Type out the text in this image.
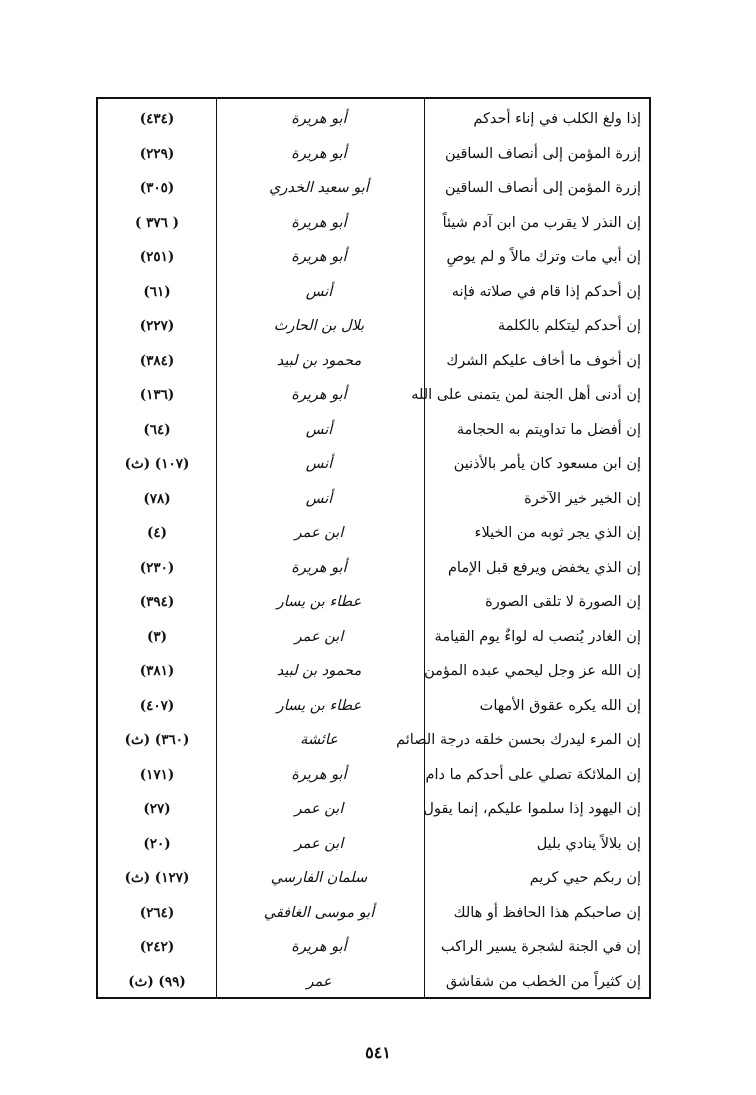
إذا ولغ الكلب في إناء أحدكم
أبو هريرة
(٤٣٤)
إزرة المؤمن إلى أنصاف الساقين
أبو هريرة
(٢٢٩)
إزرة المؤمن إلى أنصاف الساقين
أبو سعيد الخدري
(٣٠٥)
إن النذر لا يقرب من ابن آدم شيئاً
أبو هريرة
( ٣٧٦ )
إن أبي مات وترك مالاً و لم يوصِ
أبو هريرة
(٢٥١)
إن أحدكم إذا قام في صلاته فإنه
أنس
(٦١)
إن أحدكم ليتكلم بالكلمة
بلال بن الحارث
(٢٢٧)
إن أخوف ما أخاف عليكم الشرك
محمود بن لبيد
(٣٨٤)
إن أدنى أهل الجنة لمن يتمنى على الله
أبو هريرة
(١٣٦)
إن أفضل ما تداويتم به الحجامة
أنس
(٦٤)
إن ابن مسعود كان يأمر بالأذنين
أنس
(١٠٧) (ث)
إن الخير خير الآخرة
أنس
(٧٨)
إن الذي يجر ثوبه من الخيلاء
ابن عمر
(٤)
إن الذي يخفض ويرفع قبل الإمام
أبو هريرة
(٢٣٠)
إن الصورة لا تلقى الصورة
عطاء بن يسار
(٣٩٤)
إن الغادر يُنصب له لواءٌ يوم القيامة
ابن عمر
(٣)
إن الله عز وجل ليحمي عبده المؤمن
محمود بن لبيد
(٣٨١)
إن الله يكره عقوق الأمهات
عطاء بن يسار
(٤٠٧)
إن المرء ليدرك بحسن خلقه درجة الصائم
عائشة
(٣٦٠) (ث)
إن الملائكة تصلي على أحدكم ما دام
أبو هريرة
(١٧١)
إن اليهود إذا سلموا عليكم، إنما يقول
ابن عمر
(٢٧)
إن بلالاً ينادي بليل
ابن عمر
(٢٠)
إن ربكم حيي كريم
سلمان الفارسي
(١٢٧) (ث)
إن صاحبكم هذا الحافظ أو هالك
أبو موسى الغافقي
(٢٦٤)
إن في الجنة لشجرة يسير الراكب
أبو هريرة
(٢٤٢)
إن كثيراً من الخطب من شقاشق
عمر
(٩٩) (ث)
٥٤١
